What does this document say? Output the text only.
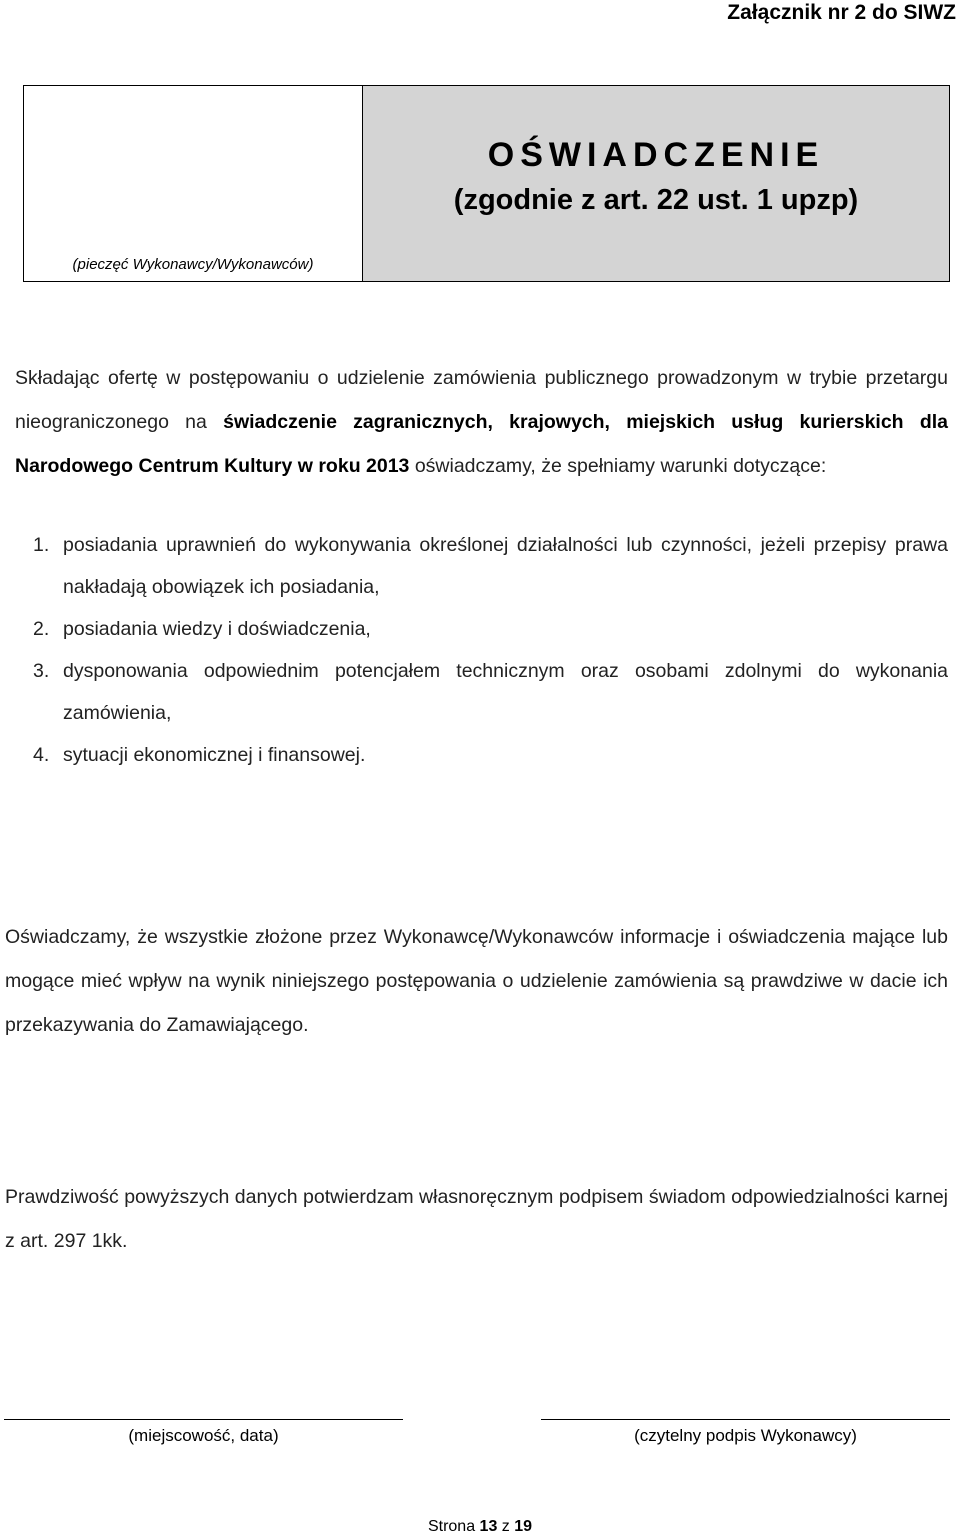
Załącznik nr 2 do SIWZ
(pieczęć Wykonawcy/Wykonawców)
OŚWIADCZENIE
(zgodnie z art. 22 ust. 1 upzp)
Składając ofertę w postępowaniu o udzielenie zamówienia publicznego prowadzonym w trybie przetargu nieograniczonego na świadczenie zagranicznych, krajowych, miejskich usług kurierskich dla Narodowego Centrum Kultury w roku 2013 oświadczamy, że spełniamy warunki dotyczące:
1. posiadania uprawnień do wykonywania określonej działalności lub czynności, jeżeli przepisy prawa nakładają obowiązek ich posiadania,
2. posiadania wiedzy i doświadczenia,
3. dysponowania odpowiednim potencjałem technicznym oraz osobami zdolnymi do wykonania zamówienia,
4. sytuacji ekonomicznej i finansowej.
Oświadczamy, że wszystkie złożone przez Wykonawcę/Wykonawców informacje i oświadczenia mające lub mogące mieć wpływ na wynik niniejszego postępowania o udzielenie zamówienia są prawdziwe w dacie ich przekazywania do Zamawiającego.
Prawdziwość powyższych danych potwierdzam własnoręcznym podpisem świadom odpowiedzialności karnej z art. 297 1kk.
(miejscowość, data)	(czytelny podpis Wykonawcy)
Strona 13 z 19
